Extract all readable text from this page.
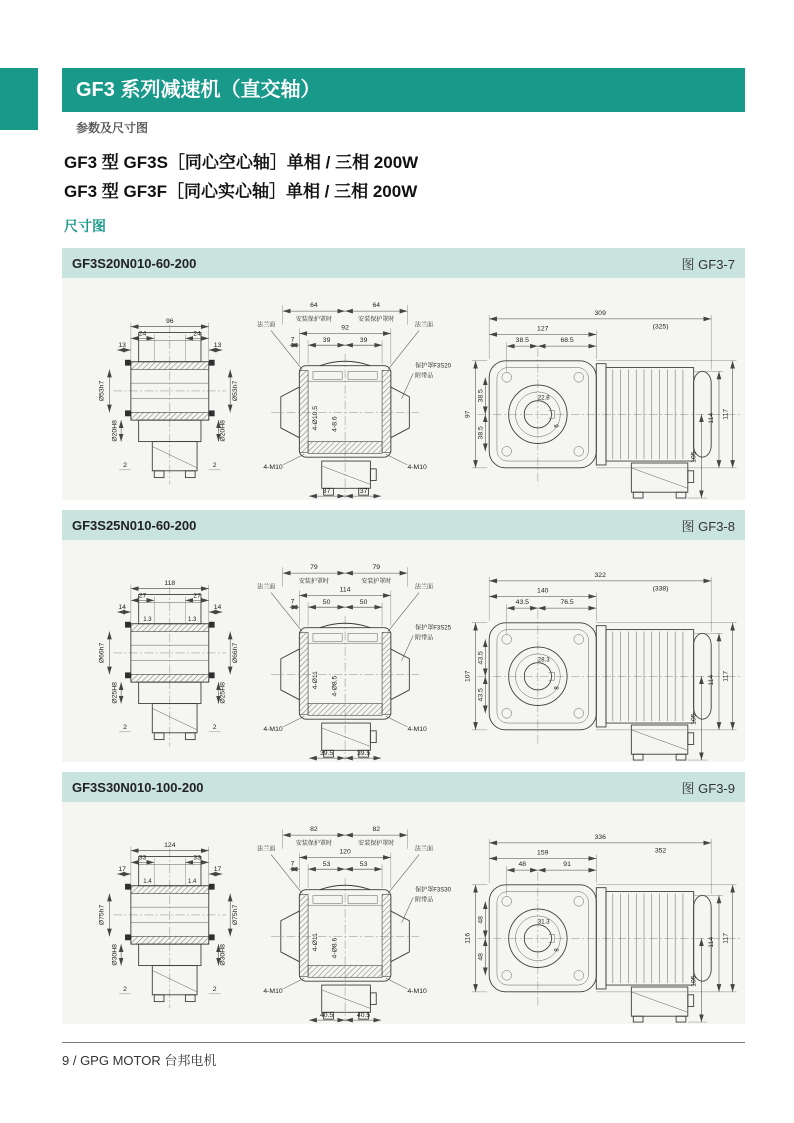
GF3 系列减速机（直交轴）
参数及尺寸图
GF3 型 GF3S［同心空心轴］单相 / 三相 200W
GF3 型 GF3F［同心实心轴］单相 / 三相 200W
尺寸图
GF3S20N010-60-200	图 GF3-7
96
24	24
13	13
Ø53h7	Ø53h7
Ø20H8	Ø20H8
2	2
64	64
安装保护罩时	安装保护罩时
92
7	39	39
法兰面	法兰面
保护罩F3S20
附带品
4-Ø10.5 4-8.6
4-M10	4-M10
37	37
309
(325)
127
38.5	68.5
97
38.5
38.5
22.8
6
105
114 117
GF3S25N010-60-200	图 GF3-8
118
27	27
14	14
1.3	1.3
Ø66h7	Ø66h7
Ø25H8	Ø25H8
2	2
79	79
安装护罩时	安装护罩时
114
7	50	50
法兰面	法兰面
保护罩F3S25
附带品
4-Ø11 4-Ø8.5
4-M10	4-M10
39.5	39.5
322
(338)
140
43.5	76.5
107
43.5
43.5
28.3
8
105
114 117
GF3S30N010-100-200	图 GF3-9
124
33	33
17	17
1.4	1.4
Ø75h7	Ø75h7
Ø30H8	Ø30H8
2	2
82	82
安装保护罩时	安装保护罩时
120
7	53	53
法兰面	法兰面
保护罩F3S30
附带品
4-Ø11 4-Ø8.6
4-M10	4-M10
40.5	40.5
336
352
159
48	91
116
48
48
31.3
8
105
114 117
9 / GPG MOTOR 台邦电机
